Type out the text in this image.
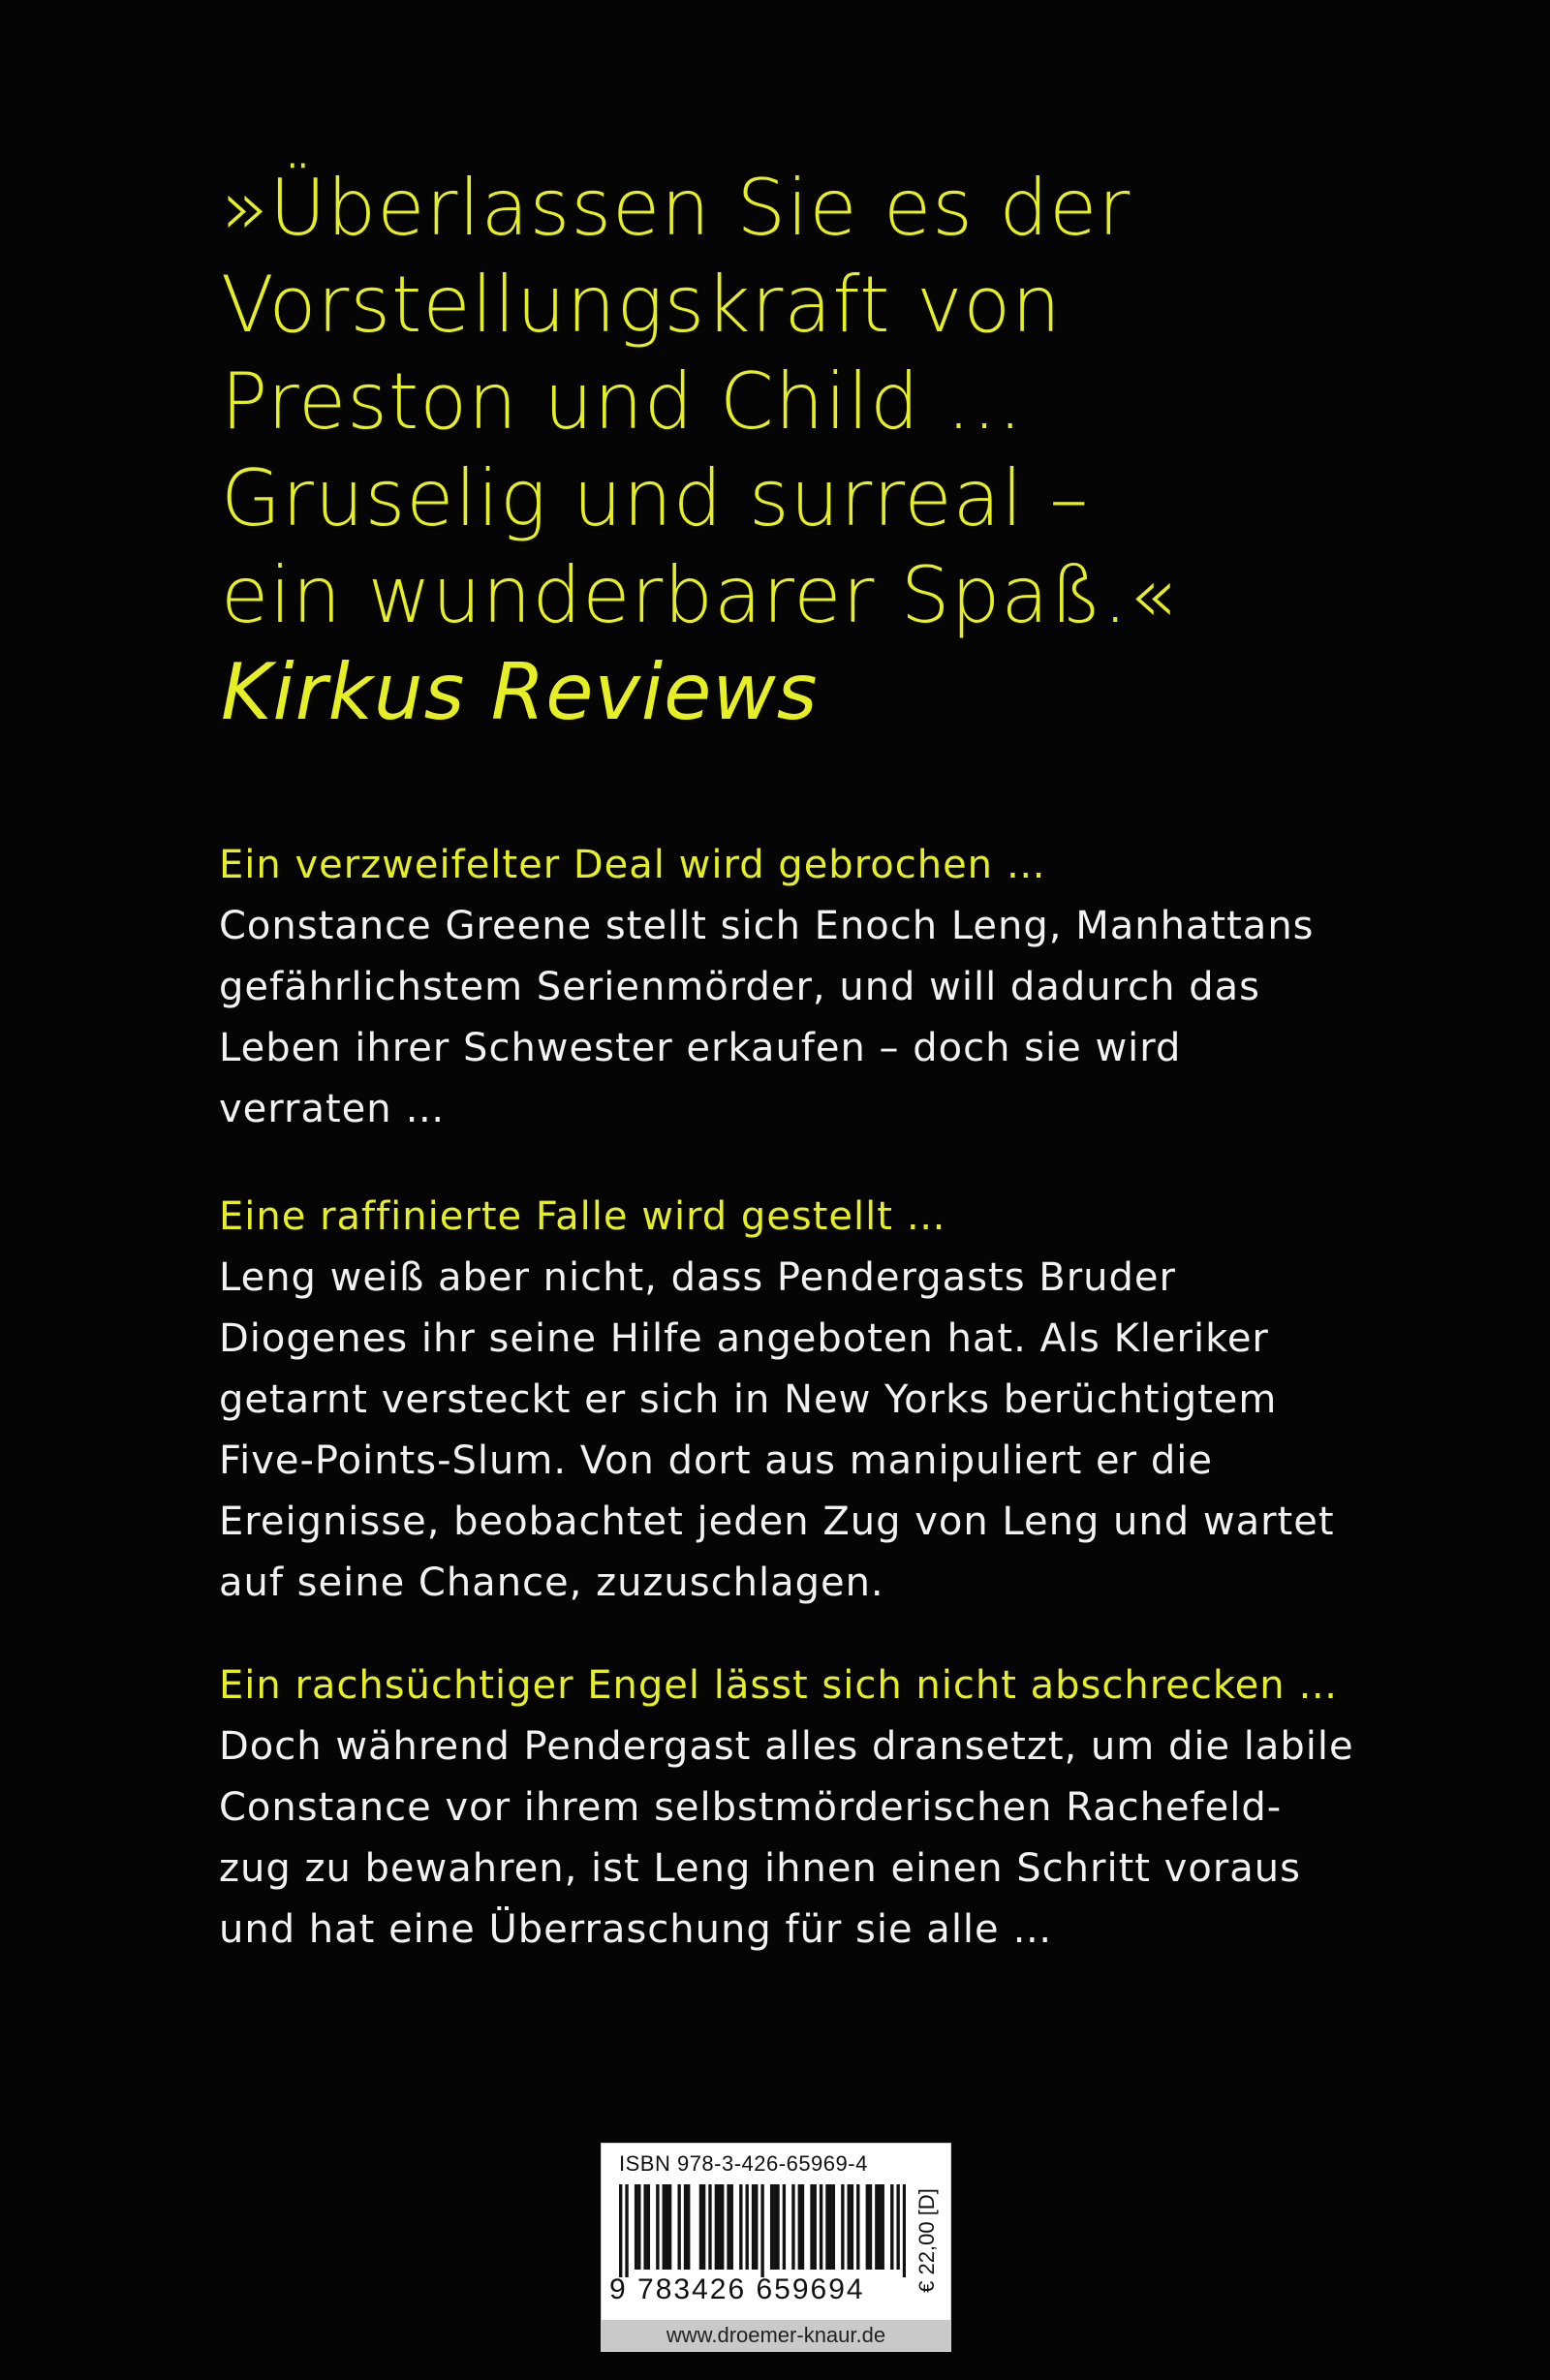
»Überlassen Sie es der
Vorstellungskraft von
Preston und Child …
Gruselig und surreal –
ein wunderbarer Spaß.«
Kirkus Reviews
Ein verzweifelter Deal wird gebrochen …
Constance Greene stellt sich Enoch Leng, Manhattans
gefährlichstem Serienmörder, und will dadurch das
Leben ihrer Schwester erkaufen – doch sie wird
verraten …
Eine raffinierte Falle wird gestellt …
Leng weiß aber nicht, dass Pendergasts Bruder
Diogenes ihr seine Hilfe angeboten hat. Als Kleriker
getarnt versteckt er sich in New Yorks berüchtigtem
Five-Points-Slum. Von dort aus manipuliert er die
Ereignisse, beobachtet jeden Zug von Leng und wartet
auf seine Chance, zuzuschlagen.
Ein rachsüchtiger Engel lässt sich nicht abschrecken …
Doch während Pendergast alles dransetzt, um die labile
Constance vor ihrem selbstmörderischen Rachefeld-
zug zu bewahren, ist Leng ihnen einen Schritt voraus
und hat eine Überraschung für sie alle …
ISBN 978-3-426-65969-4
9 783426 659694 € 22,00 [D]
www.droemer-knaur.de
